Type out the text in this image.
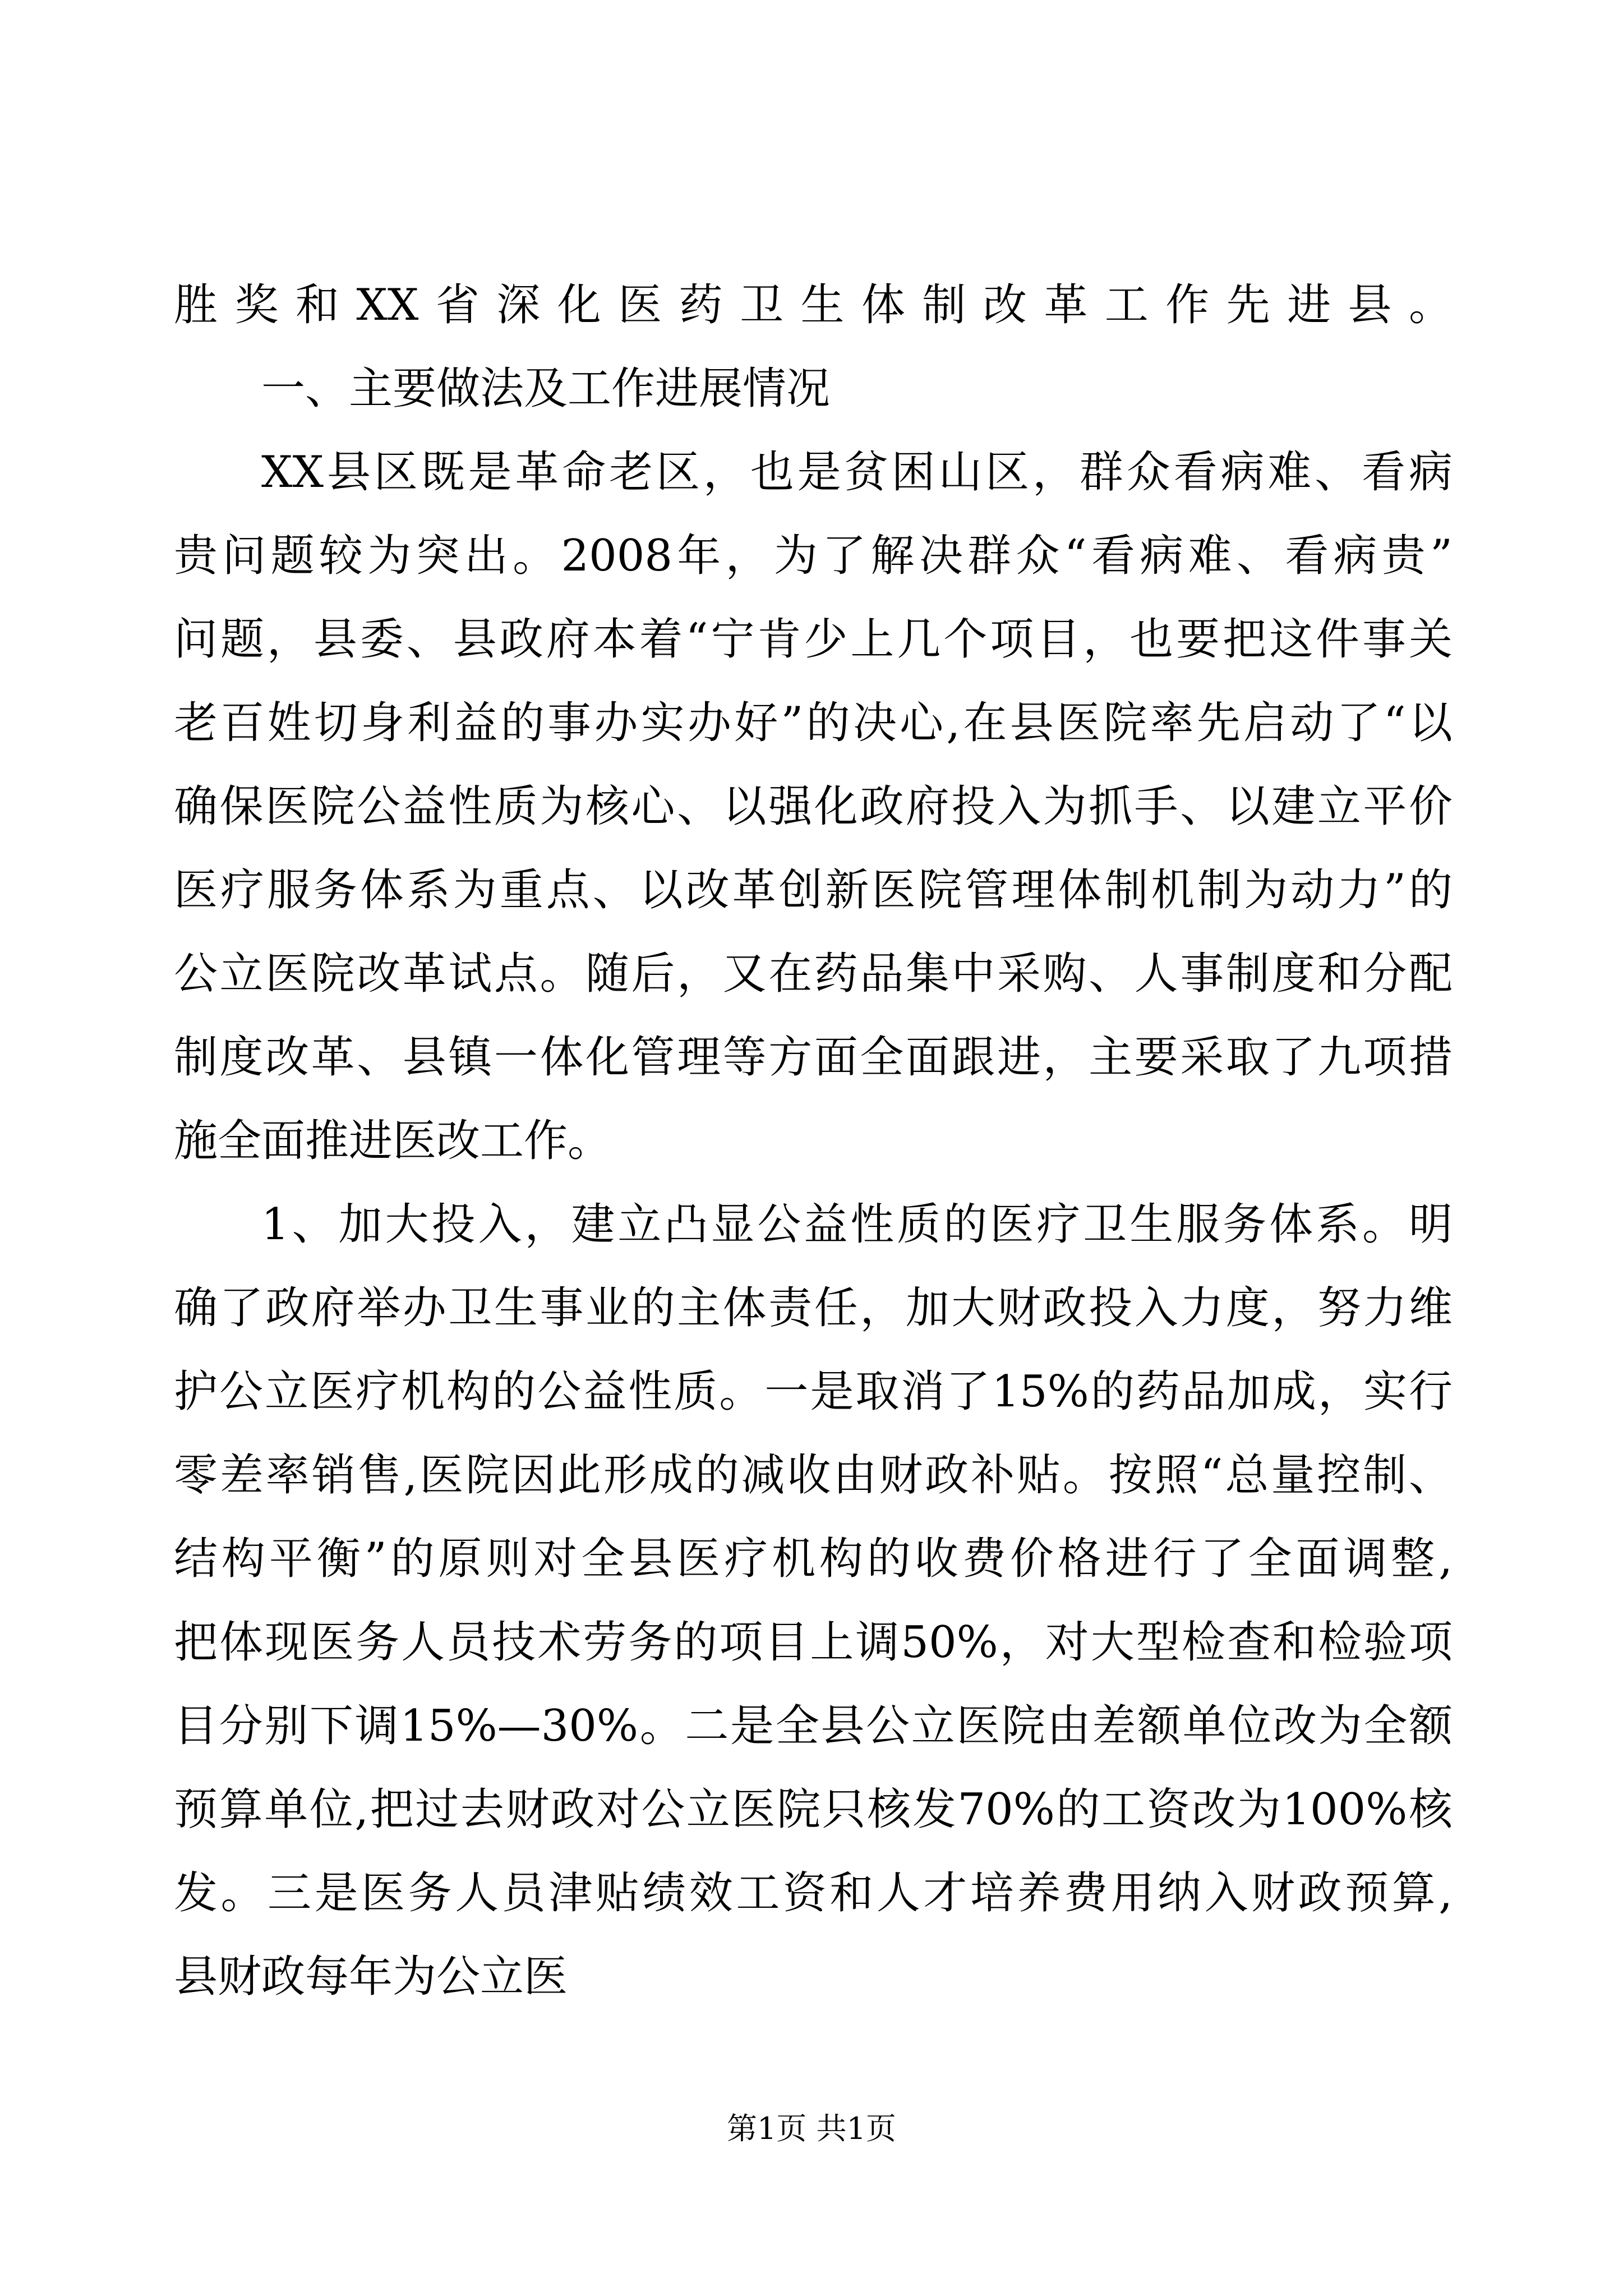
胜奖和XX省深化医药卫生体制改革工作先进县。
一、主要做法及工作进展情况
XX县区既是革命老区，也是贫困山区，群众看病难、看病
贵问题较为突出。2008年，为了解决群众“看病难、看病贵”
问题，县委、县政府本着“宁肯少上几个项目，也要把这件事关
老百姓切身利益的事办实办好”的决心,在县医院率先启动了“以
确保医院公益性质为核心、以强化政府投入为抓手、以建立平价
医疗服务体系为重点、以改革创新医院管理体制机制为动力”的
公立医院改革试点。随后，又在药品集中采购、人事制度和分配
制度改革、县镇一体化管理等方面全面跟进，主要采取了九项措
施全面推进医改工作。
1、加大投入，建立凸显公益性质的医疗卫生服务体系。明
确了政府举办卫生事业的主体责任，加大财政投入力度，努力维
护公立医疗机构的公益性质。一是取消了15%的药品加成，实行
零差率销售,医院因此形成的减收由财政补贴。按照“总量控制、
结构平衡”的原则对全县医疗机构的收费价格进行了全面调整,
把体现医务人员技术劳务的项目上调50%，对大型检查和检验项
目分别下调15%—30%。二是全县公立医院由差额单位改为全额
预算单位,把过去财政对公立医院只核发70%的工资改为100%核
发。三是医务人员津贴绩效工资和人才培养费用纳入财政预算,
县财政每年为公立医
第1页 共1页
